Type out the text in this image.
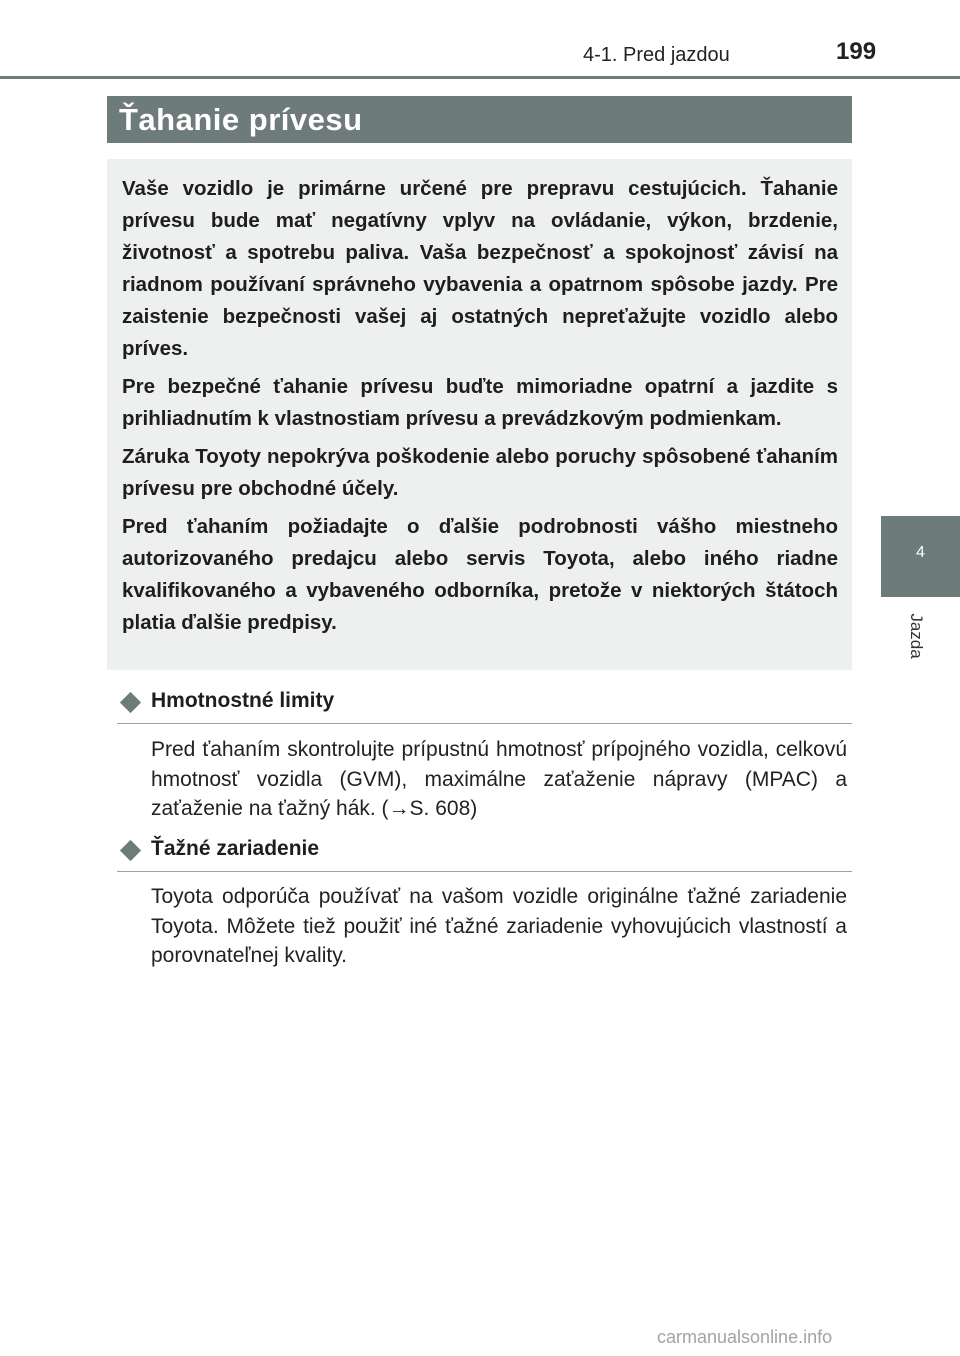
4-1. Pred jazdou	199
Ťahanie prívesu

Vaše vozidlo je primárne určené pre prepravu cestujúcich. Ťahanie prívesu bude mať negatívny vplyv na ovládanie, výkon, brzdenie, životnosť a spotrebu paliva. Vaša bezpečnosť a spokojnosť závisí na riadnom používaní správneho vybavenia a opatrnom spôsobe jazdy. Pre zaistenie bezpečnosti vašej aj ostatných nepreťažujte vozidlo alebo príves.

Pre bezpečné ťahanie prívesu buďte mimoriadne opatrní a jazdite s prihliadnutím k vlastnostiam prívesu a prevádzkovým podmienkam.

Záruka Toyoty nepokrýva poškodenie alebo poruchy spôsobené ťahaním prívesu pre obchodné účely.

Pred ťahaním požiadajte o ďalšie podrobnosti vášho miestneho autorizovaného predajcu alebo servis Toyota, alebo iného riadne kvalifikovaného a vybaveného odborníka, pretože v niektorých štátoch platia ďalšie predpisy.

4
Jazda
Hmotnostné limity

Pred ťahaním skontrolujte prípustnú hmotnosť prípojného vozidla, celkovú hmotnosť vozidla (GVM), maximálne zaťaženie nápravy (MPAC) a zaťaženie na ťažný hák. (→S. 608)

Ťažné zariadenie

Toyota odporúča používať na vašom vozidle originálne ťažné zariadenie Toyota. Môžete tiež použiť iné ťažné zariadenie vyhovujúcich vlastností a porovnateľnej kvality.

carmanualsonline.info
